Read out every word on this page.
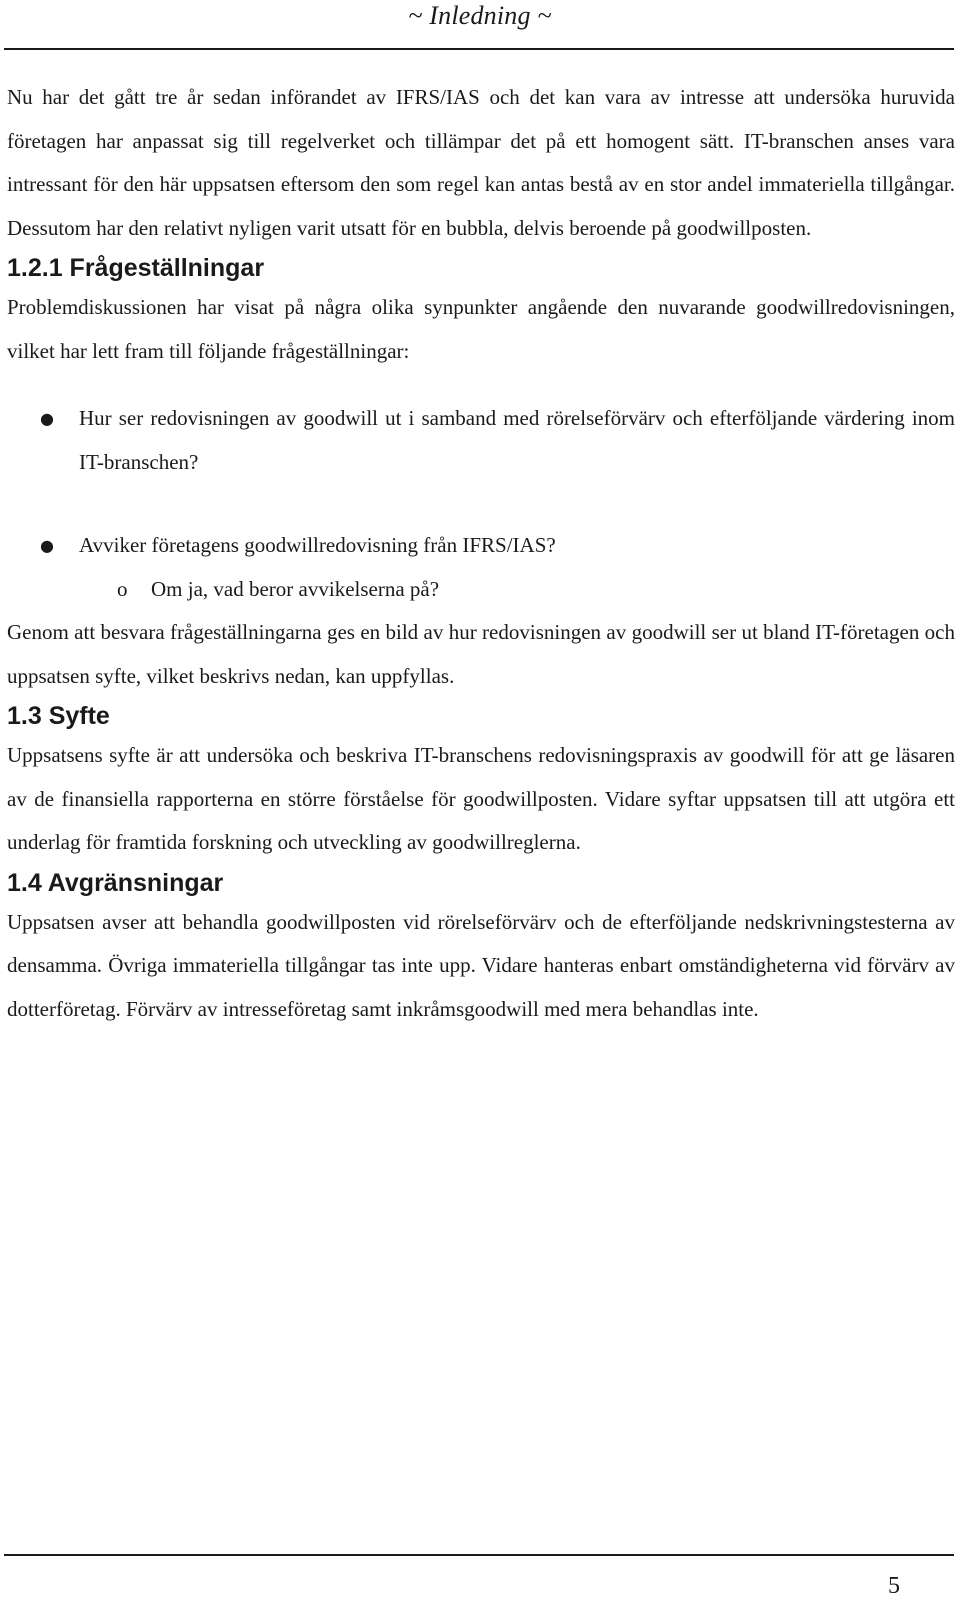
~ Inledning ~

Nu har det gått tre år sedan införandet av IFRS/IAS och det kan vara av intresse att undersöka huruvida företagen har anpassat sig till regelverket och tillämpar det på ett homogent sätt. IT-branschen anses vara intressant för den här uppsatsen eftersom den som regel kan antas bestå av en stor andel immateriella tillgångar. Dessutom har den relativt nyligen varit utsatt för en bubbla, delvis beroende på goodwillposten.

1.2.1 Frågeställningar

Problemdiskussionen har visat på några olika synpunkter angående den nuvarande goodwillredovisningen, vilket har lett fram till följande frågeställningar:

● Hur ser redovisningen av goodwill ut i samband med rörelseförvärv och efterföljande värdering inom IT-branschen?
● Avviker företagens goodwillredovisning från IFRS/IAS?
o Om ja, vad beror avvikelserna på?

Genom att besvara frågeställningarna ges en bild av hur redovisningen av goodwill ser ut bland IT-företagen och uppsatsen syfte, vilket beskrivs nedan, kan uppfyllas.

1.3 Syfte

Uppsatsens syfte är att undersöka och beskriva IT-branschens redovisningspraxis av goodwill för att ge läsaren av de finansiella rapporterna en större förståelse för goodwillposten. Vidare syftar uppsatsen till att utgöra ett underlag för framtida forskning och utveckling av goodwillreglerna.

1.4 Avgränsningar

Uppsatsen avser att behandla goodwillposten vid rörelseförvärv och de efterföljande nedskrivningstesterna av densamma. Övriga immateriella tillgångar tas inte upp. Vidare hanteras enbart omständigheterna vid förvärv av dotterföretag. Förvärv av intresseföretag samt inkråmsgoodwill med mera behandlas inte.

5
